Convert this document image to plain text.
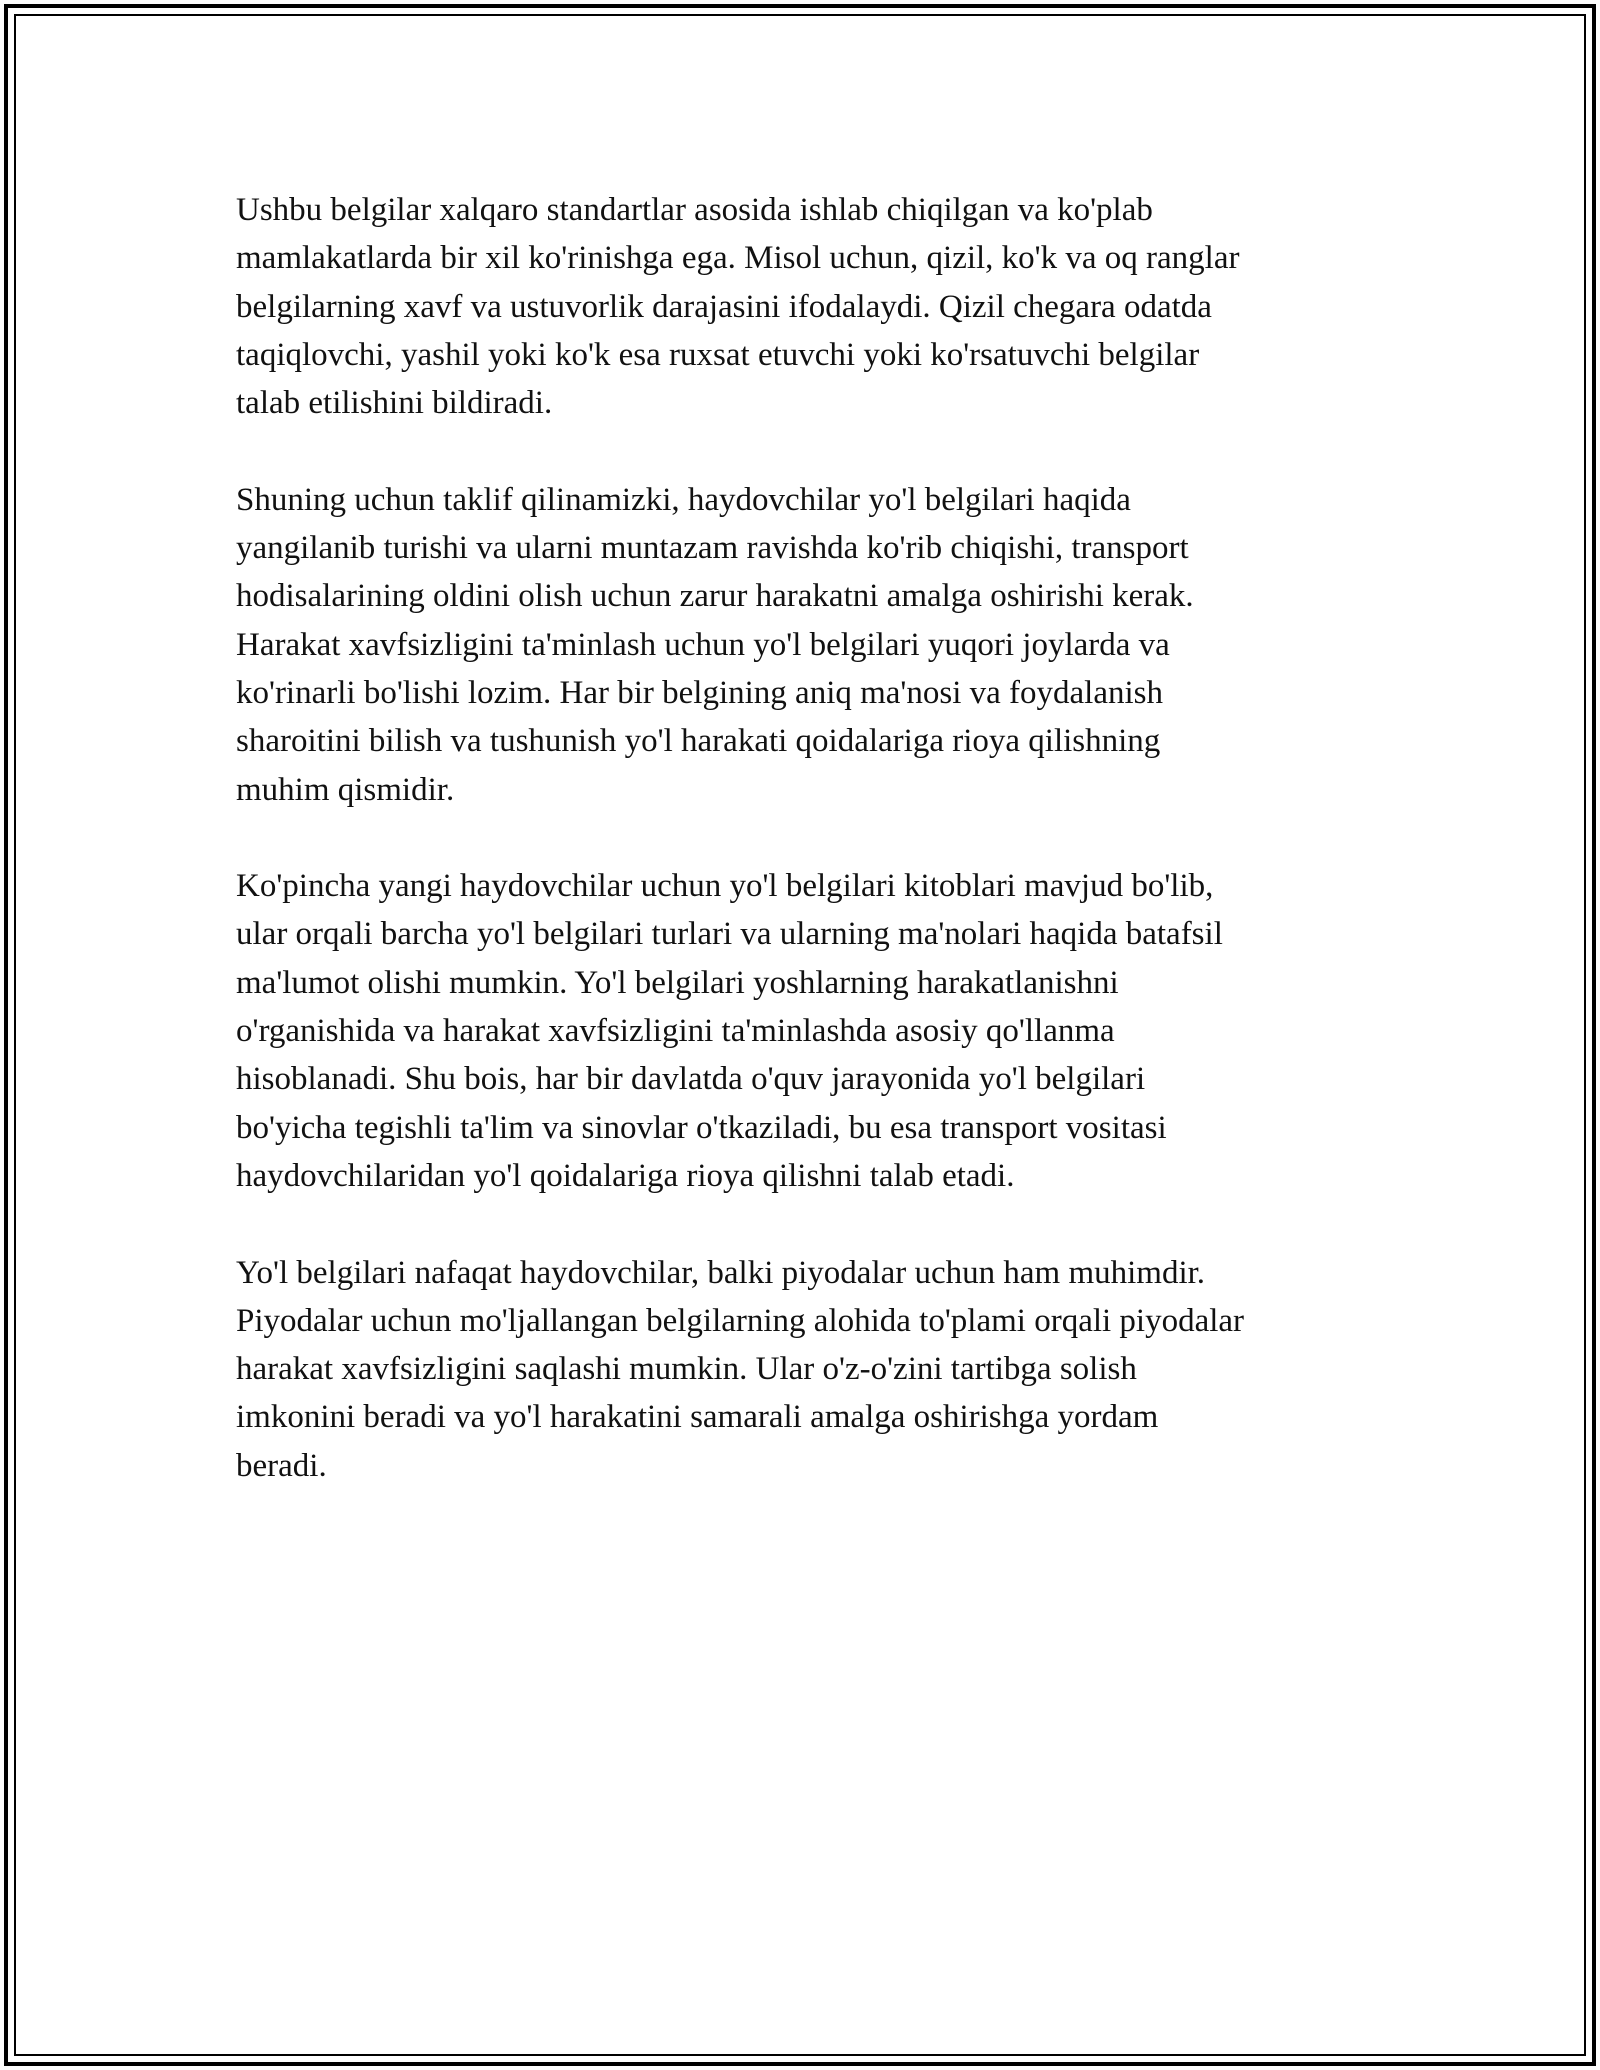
Ushbu belgilar xalqaro standartlar asosida ishlab chiqilgan va ko'plab
mamlakatlarda bir xil ko'rinishga ega. Misol uchun, qizil, ko'k va oq ranglar
belgilarning xavf va ustuvorlik darajasini ifodalaydi. Qizil chegara odatda
taqiqlovchi, yashil yoki ko'k esa ruxsat etuvchi yoki ko'rsatuvchi belgilar
talab etilishini bildiradi.

Shuning uchun taklif qilinamizki, haydovchilar yo'l belgilari haqida
yangilanib turishi va ularni muntazam ravishda ko'rib chiqishi, transport
hodisalarining oldini olish uchun zarur harakatni amalga oshirishi kerak.
Harakat xavfsizligini ta'minlash uchun yo'l belgilari yuqori joylarda va
ko'rinarli bo'lishi lozim. Har bir belgining aniq ma'nosi va foydalanish
sharoitini bilish va tushunish yo'l harakati qoidalariga rioya qilishning
muhim qismidir.

Ko'pincha yangi haydovchilar uchun yo'l belgilari kitoblari mavjud bo'lib,
ular orqali barcha yo'l belgilari turlari va ularning ma'nolari haqida batafsil
ma'lumot olishi mumkin. Yo'l belgilari yoshlarning harakatlanishni
o'rganishida va harakat xavfsizligini ta'minlashda asosiy qo'llanma
hisoblanadi. Shu bois, har bir davlatda o'quv jarayonida yo'l belgilari
bo'yicha tegishli ta'lim va sinovlar o'tkaziladi, bu esa transport vositasi
haydovchilaridan yo'l qoidalariga rioya qilishni talab etadi.

Yo'l belgilari nafaqat haydovchilar, balki piyodalar uchun ham muhimdir.
Piyodalar uchun mo'ljallangan belgilarning alohida to'plami orqali piyodalar
harakat xavfsizligini saqlashi mumkin. Ular o'z-o'zini tartibga solish
imkonini beradi va yo'l harakatini samarali amalga oshirishga yordam
beradi.
